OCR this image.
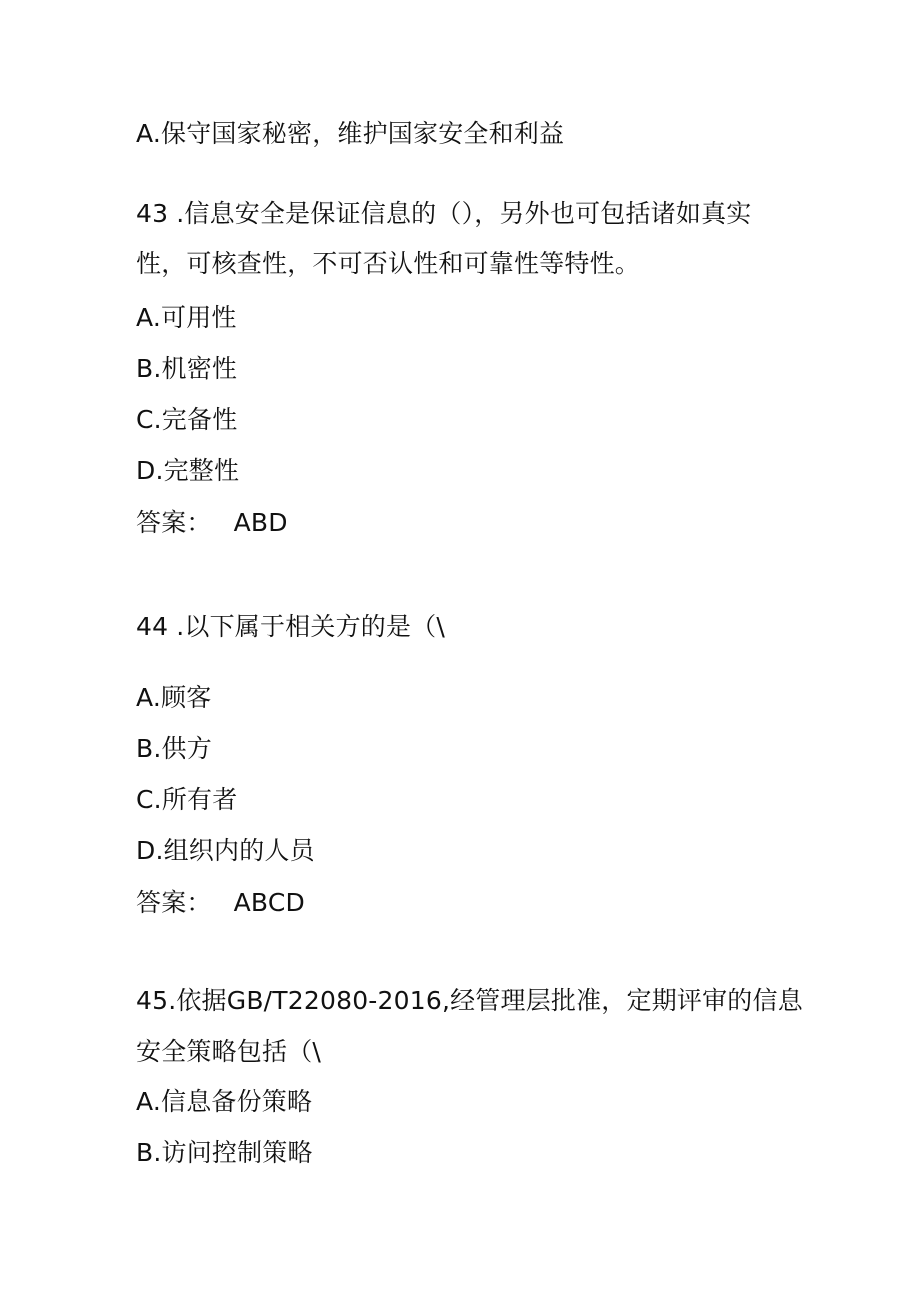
A.保守国家秘密，维护国家安全和利益
43 .信息安全是保证信息的（），另外也可包括诸如真实
性，可核查性，不可否认性和可靠性等特性。
A.可用性
B.机密性
C.完备性
D.完整性
答案： ABD
44 .以下属于相关方的是（\
A.顾客
B.供方
C.所有者
D.组织内的人员
答案： ABCD
45.依据GB/T22080-2016,经管理层批准，定期评审的信息
安全策略包括（\
A.信息备份策略
B.访问控制策略
